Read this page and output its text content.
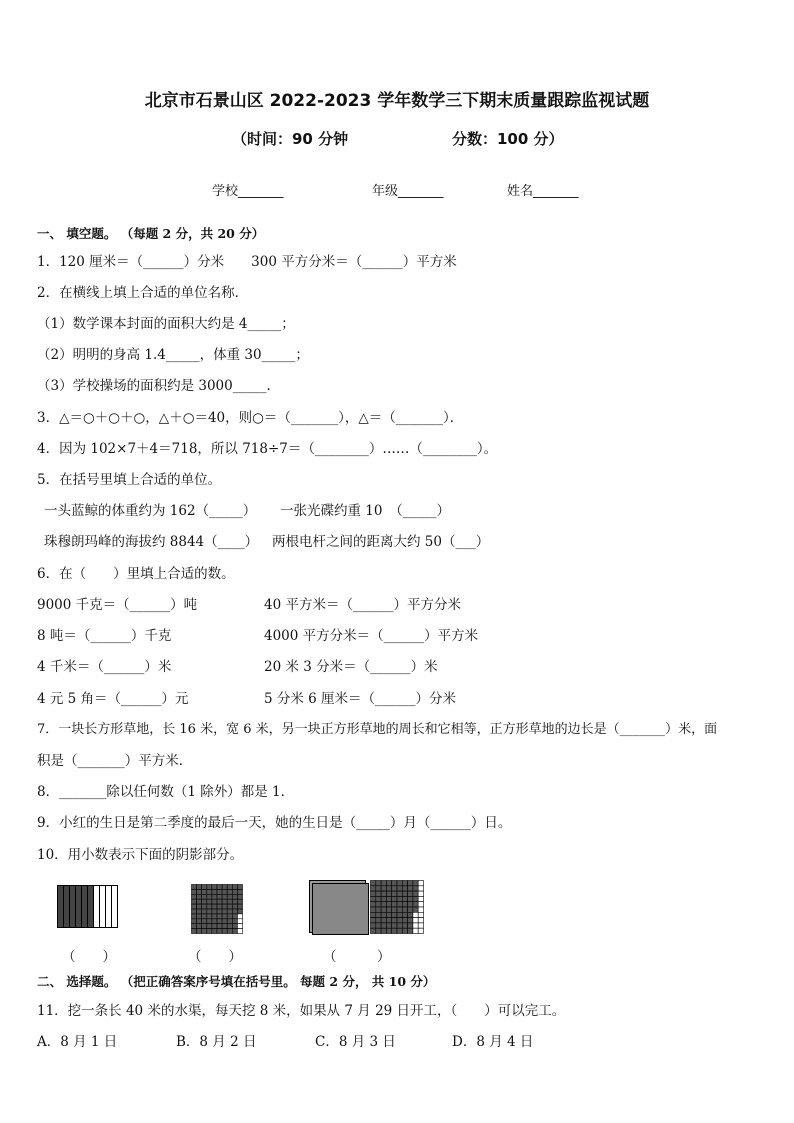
北京市石景山区 2022-2023 学年数学三下期末质量跟踪监视试题
（时间：90 分钟	分数：100 分）
学校_______	年级_______	姓名_______
一、 填空题。 （每题 2 分，共 20 分）
1．120 厘米＝（______）分米　　300 平方分米＝（______）平方米
2．在横线上填上合适的单位名称．
（1）数学课本封面的面积大约是 4_____；
（2）明明的身高 1.4_____，体重 30_____；
（3）学校操场的面积约是 3000_____．
3．△＝○＋○＋○，△＋○＝40，则○＝（_______），△＝（_______）．
4．因为 102×7＋4＝718，所以 718÷7＝（________）……（________）。
5．在括号里填上合适的单位。
一头蓝鲸的体重约为 162（_____） 一张光碟约重 10　（_____）
珠穆朗玛峰的海拔约 8844（____） 两根电杆之间的距离大约 50（___）
6．在（　　）里填上合适的数。
9000 千克＝（______）吨	40 平方米＝（______）平方分米
8 吨＝（______）千克	4000 平方分米＝（______）平方米
4 千米＝（______）米	20 米 3 分米＝（______）米
4 元 5 角＝（______）元	5 分米 6 厘米＝（______）分米
7．一块长方形草地，长 16 米，宽 6 米，另一块正方形草地的周长和它相等，正方形草地的边长是（_______）米，面
积是（_______）平方米．
8．_______除以任何数（1 除外）都是 1．
9．小红的生日是第二季度的最后一天，她的生日是（_____）月（______）日。
10．用小数表示下面的阴影部分。
（　　）	（　　）	（　　　）
二、 选择题。 （把正确答案序号填在括号里。 每题 2 分， 共 10 分）
11．挖一条长 40 米的水渠，每天挖 8 米，如果从 7 月 29 日开工，（　　）可以完工。
A．8 月 1 日	B．8 月 2 日	C．8 月 3 日	D．8 月 4 日
